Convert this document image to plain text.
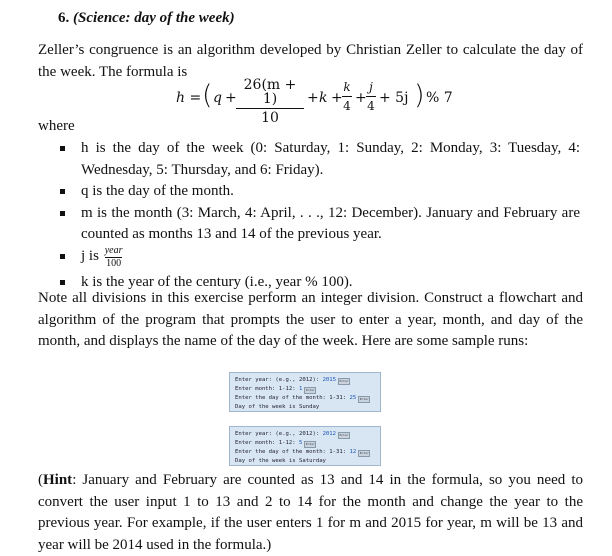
6. (Science: day of the week)
Zeller’s congruence is an algorithm developed by Christian Zeller to calculate the day of the week. The formula is
h = ( q +
26(m + 1)
10
+ k +
k
4 +
j
4 + 5j ) % 7
where
h is the day of the week (0: Saturday, 1: Sunday, 2: Monday, 3: Tuesday, 4: Wednesday, 5: Thursday, and 6: Friday).
q is the day of the month.
m is the month (3: March, 4: April, . . ., 12: December). January and February are counted as months 13 and 14 of the previous year.
j is $\frac{\text{year}}{100}$
k is the year of the century (i.e., year % 100).
Note all divisions in this exercise perform an integer division. Construct a flowchart and algorithm of the program that prompts the user to enter a year, month, and day of the month, and displays the name of the day of the week. Here are some sample runs:
Enter year: (e.g., 2012): 2015 Enter
Enter month: 1-12: 1 Enter
Enter the day of the month: 1-31: 25 Enter
Day of the week is Sunday
Enter year: (e.g., 2012): 2012 Enter
Enter month: 1-12: 5 Enter
Enter the day of the month: 1-31: 12 Enter
Day of the week is Saturday
(Hint: January and February are counted as 13 and 14 in the formula, so you need to convert the user input 1 to 13 and 2 to 14 for the month and change the year to the previous year. For example, if the user enters 1 for m and 2015 for year, m will be 13 and year will be 2014 used in the formula.)
